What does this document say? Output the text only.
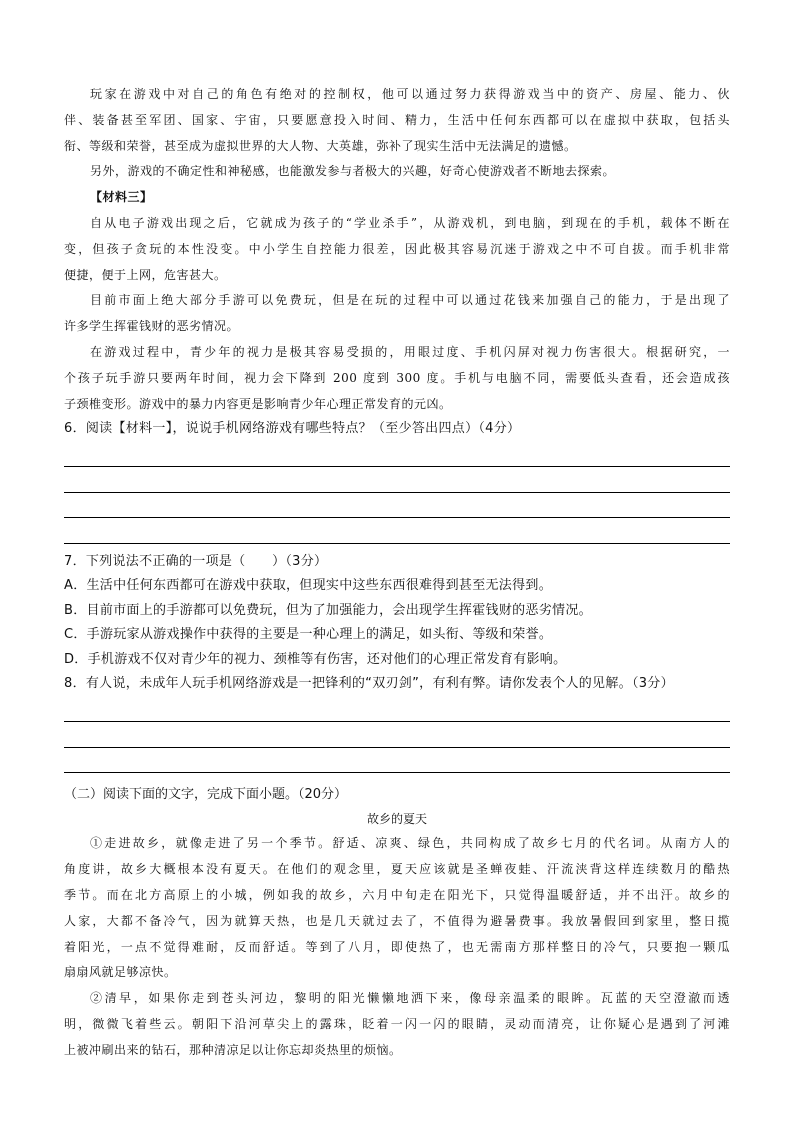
玩家在游戏中对自己的角色有绝对的控制权，他可以通过努力获得游戏当中的资产、房屋、能力、伙

伴、装备甚至军团、国家、宇宙，只要愿意投入时间、精力，生活中任何东西都可以在虚拟中获取，包括头

衔、等级和荣誉，甚至成为虚拟世界的大人物、大英雄，弥补了现实生活中无法满足的遗憾。

另外，游戏的不确定性和神秘感，也能激发参与者极大的兴趣，好奇心使游戏者不断地去探索。

【材料三】

自从电子游戏出现之后，它就成为孩子的“学业杀手”，从游戏机，到电脑，到现在的手机，载体不断在

变，但孩子贪玩的本性没变。中小学生自控能力很差，因此极其容易沉迷于游戏之中不可自拔。而手机非常

便捷，便于上网，危害甚大。

目前市面上绝大部分手游可以免费玩，但是在玩的过程中可以通过花钱来加强自己的能力，于是出现了

许多学生挥霍钱财的恶劣情况。

在游戏过程中，青少年的视力是极其容易受损的，用眼过度、手机闪屏对视力伤害很大。根据研究，一

个孩子玩手游只要两年时间，视力会下降到 200 度到 300 度。手机与电脑不同，需要低头查看，还会造成孩

子颈椎变形。游戏中的暴力内容更是影响青少年心理正常发育的元凶。

6．阅读【材料一】，说说手机网络游戏有哪些特点？（至少答出四点）（4分）

7．下列说法不正确的一项是（　　）（3分）

A．生活中任何东西都可在游戏中获取，但现实中这些东西很难得到甚至无法得到。

B．目前市面上的手游都可以免费玩，但为了加强能力，会出现学生挥霍钱财的恶劣情况。

C．手游玩家从游戏操作中获得的主要是一种心理上的满足，如头衔、等级和荣誉。

D．手机游戏不仅对青少年的视力、颈椎等有伤害，还对他们的心理正常发育有影响。

8．有人说，未成年人玩手机网络游戏是一把锋利的“双刃剑”，有利有弊。请你发表个人的见解。（3分）

（二）阅读下面的文字，完成下面小题。（20分）

故乡的夏天

①走进故乡，就像走进了另一个季节。舒适、凉爽、绿色，共同构成了故乡七月的代名词。从南方人的

角度讲，故乡大概根本没有夏天。在他们的观念里，夏天应该就是圣蝉夜蛙、汗流浃背这样连续数月的酷热

季节。而在北方高原上的小城，例如我的故乡，六月中旬走在阳光下，只觉得温暖舒适，并不出汗。故乡的

人家，大都不备冷气，因为就算天热，也是几天就过去了，不值得为避暑费事。我放暑假回到家里，整日揽

着阳光，一点不觉得难耐，反而舒适。等到了八月，即使热了，也无需南方那样整日的冷气，只要抱一颗瓜

扇扇风就足够凉快。

②清早，如果你走到苍头河边，黎明的阳光懒懒地洒下来，像母亲温柔的眼眸。瓦蓝的天空澄澈而透

明，微微飞着些云。朝阳下沿河草尖上的露珠，眨着一闪一闪的眼睛，灵动而清亮，让你疑心是遇到了河滩

上被冲刷出来的钻石，那种清凉足以让你忘却炎热里的烦恼。
